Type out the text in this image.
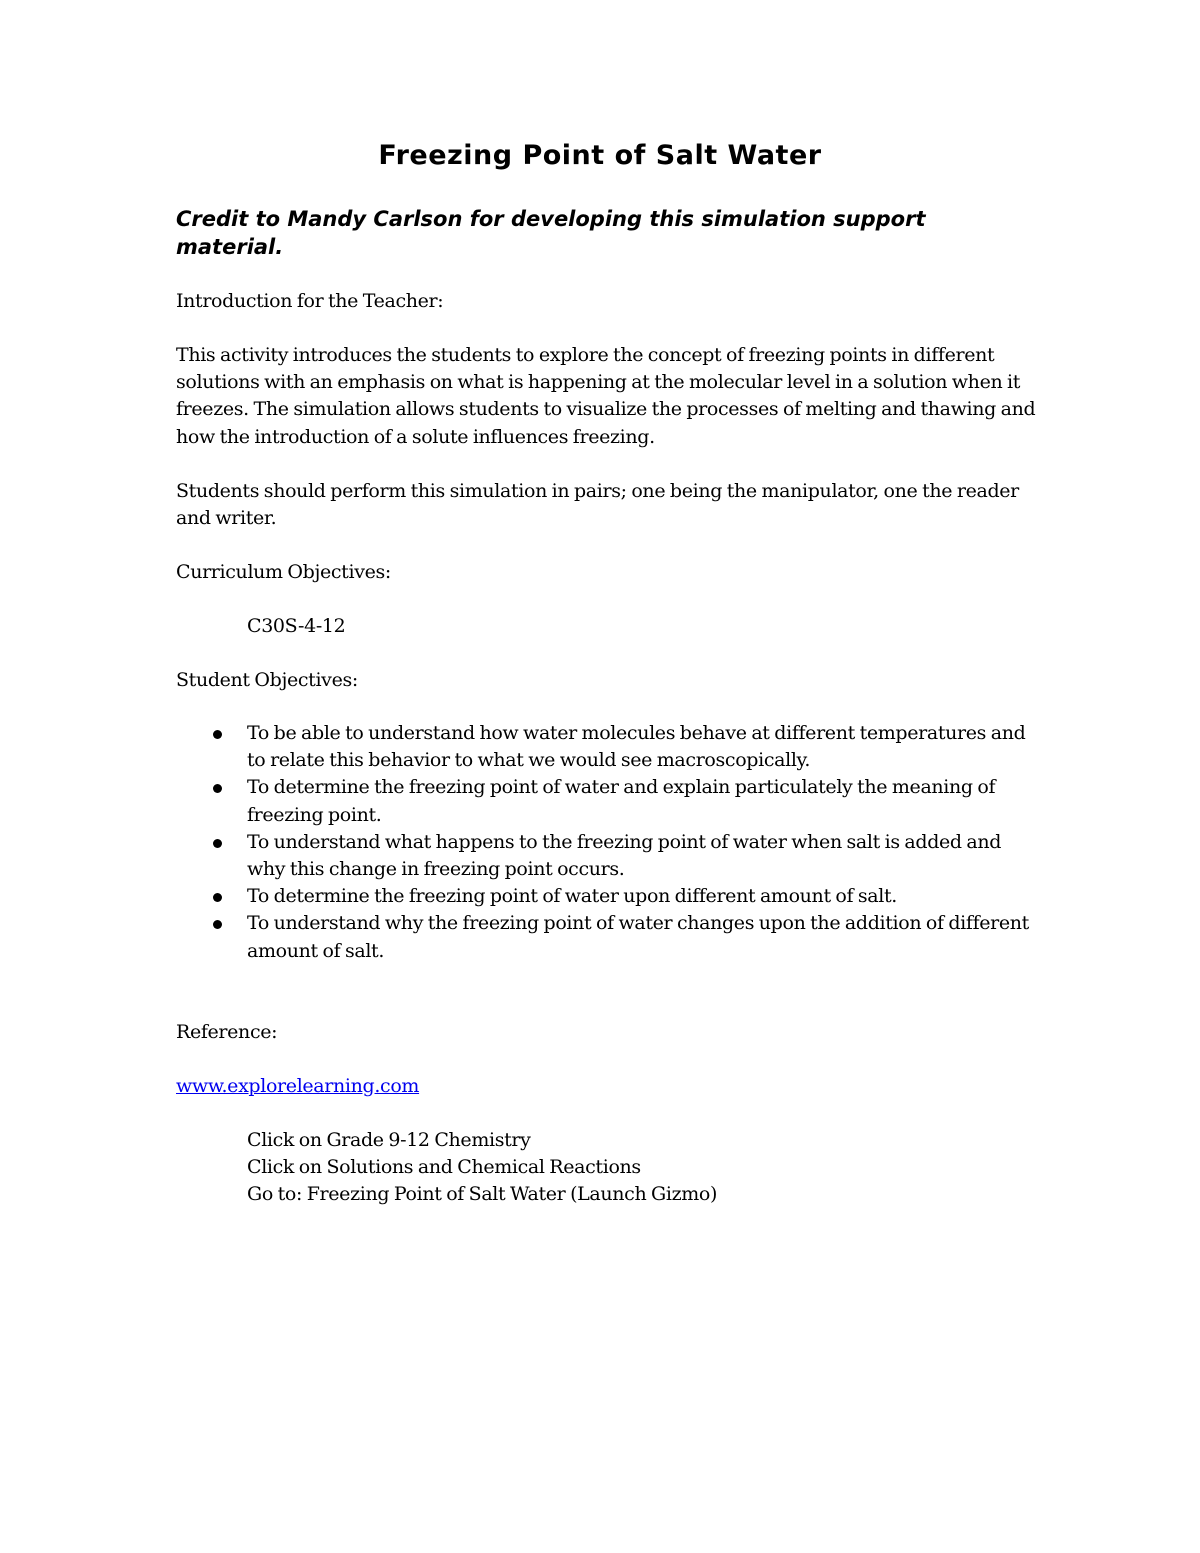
Freezing Point of Salt Water

Credit to Mandy Carlson for developing this simulation support material.

Introduction for the Teacher:

This activity introduces the students to explore the concept of freezing points in different solutions with an emphasis on what is happening at the molecular level in a solution when it freezes. The simulation allows students to visualize the processes of melting and thawing and how the introduction of a solute influences freezing.

Students should perform this simulation in pairs; one being the manipulator, one the reader and writer.

Curriculum Objectives:

C30S-4-12

Student Objectives:

To be able to understand how water molecules behave at different temperatures and to relate this behavior to what we would see macroscopically.
To determine the freezing point of water and explain particulately the meaning of freezing point.
To understand what happens to the freezing point of water when salt is added and why this change in freezing point occurs.
To determine the freezing point of water upon different amount of salt.
To understand why the freezing point of water changes upon the addition of different amount of salt.

Reference:

www.explorelearning.com

Click on Grade 9-12 Chemistry

Click on Solutions and Chemical Reactions

Go to: Freezing Point of Salt Water (Launch Gizmo)
